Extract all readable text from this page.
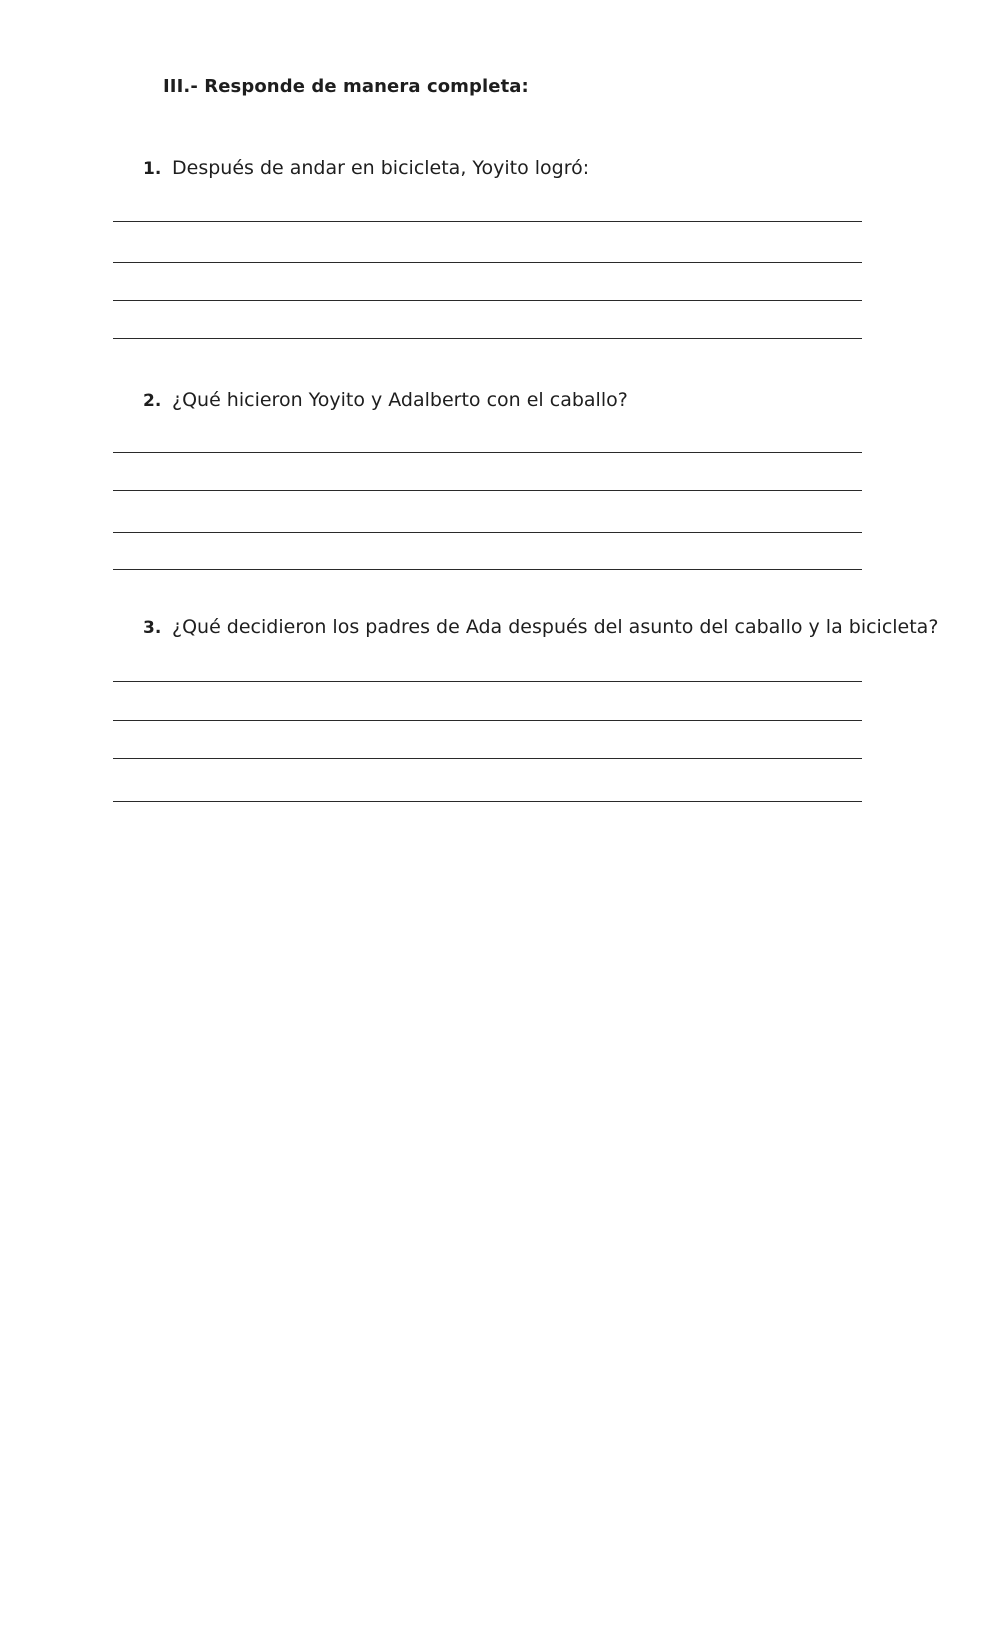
III.- Responde de manera completa:
1. Después de andar en bicicleta, Yoyito logró:
2. ¿Qué hicieron Yoyito y Adalberto con el caballo?
3. ¿Qué decidieron los padres de Ada después del asunto del caballo y la bicicleta?
